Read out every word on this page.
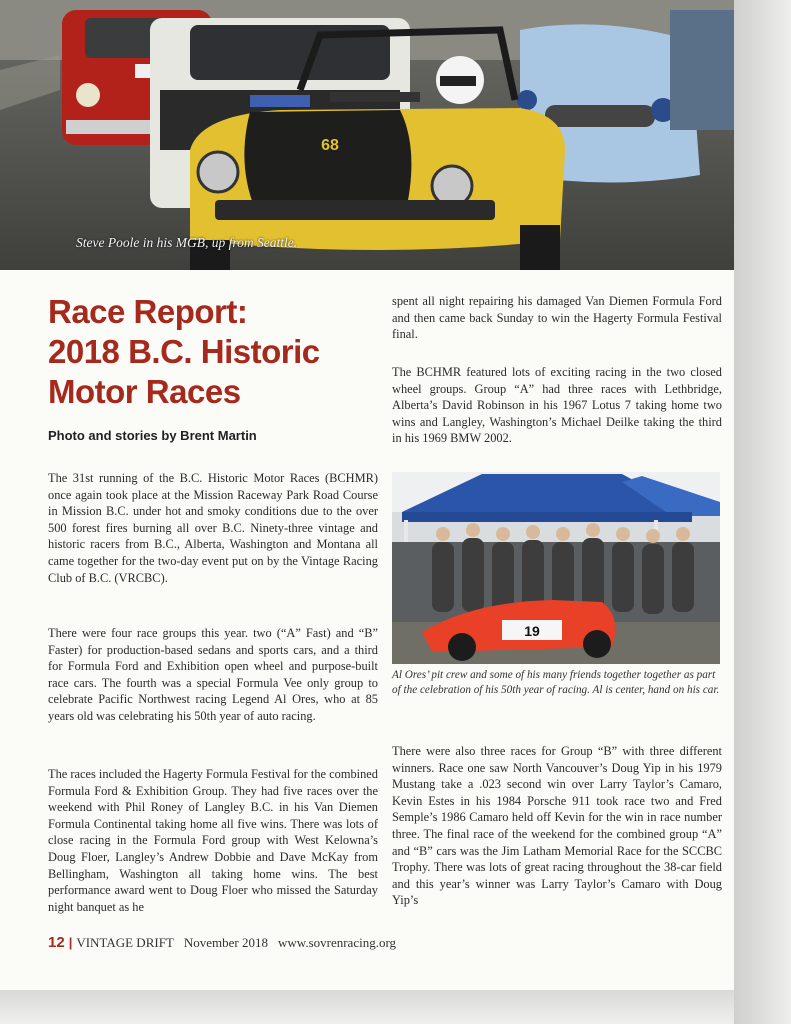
68
Steve Poole in his MGB, up from Seattle.
Race Report:
2018 B.C. Historic
Motor Races
Photo and stories by Brent Martin

The 31st running of the B.C. Historic Motor Races (BCHMR) once again took place at the Mission Raceway Park Road Course in Mission B.C. under hot and smoky conditions due to the over 500 forest fires burning all over B.C. Ninety-three vintage and historic racers from B.C., Alberta, Washington and Montana all came together for the two-day event put on by the Vintage Racing Club of B.C. (VRCBC).

There were four race groups this year. two (“A” Fast) and “B” Faster) for production-based sedans and sports cars, and a third for Formula Ford and Exhibition open wheel and purpose-built race cars. The fourth was a special Formula Vee only group to celebrate Pacific Northwest racing Legend Al Ores, who at 85 years old was celebrating his 50th year of auto racing.

The races included the Hagerty Formula Festival for the combined Formula Ford & Exhibition Group. They had five races over the weekend with Phil Roney of Langley B.C. in his Van Diemen Formula Continental taking home all five wins. There was lots of close racing in the Formula Ford group with West Kelowna’s Doug Floer, Langley’s Andrew Dobbie and Dave McKay from Bellingham, Washington all taking home wins. The best performance award went to Doug Floer who missed the Saturday night banquet as he

spent all night repairing his damaged Van Diemen Formula Ford and then came back Sunday to win the Hagerty Formula Festival final.

The BCHMR featured lots of exciting racing in the two closed wheel groups. Group “A” had three races with Lethbridge, Alberta’s David Robinson in his 1967 Lotus 7 taking home two wins and Langley, Washington’s Michael Deilke taking the third in his 1969 BMW 2002.

19
Al Ores’ pit crew and some of his many friends together together as part of the celebration of his 50th year of racing. Al is center, hand on his car.

There were also three races for Group “B” with three different winners. Race one saw North Vancouver’s Doug Yip in his 1979 Mustang take a .023 second win over Larry Taylor’s Camaro, Kevin Estes in his 1984 Porsche 911 took race two and Fred Semple’s 1986 Camaro held off Kevin for the win in race number three. The final race of the weekend for the combined group “A” and “B” cars was the Jim Latham Memorial Race for the SCCBC Trophy. There was lots of great racing throughout the 38-car field and this year’s winner was Larry Taylor’s Camaro with Doug Yip’s

12 | VINTAGE DRIFT November 2018 www.sovrenracing.org
